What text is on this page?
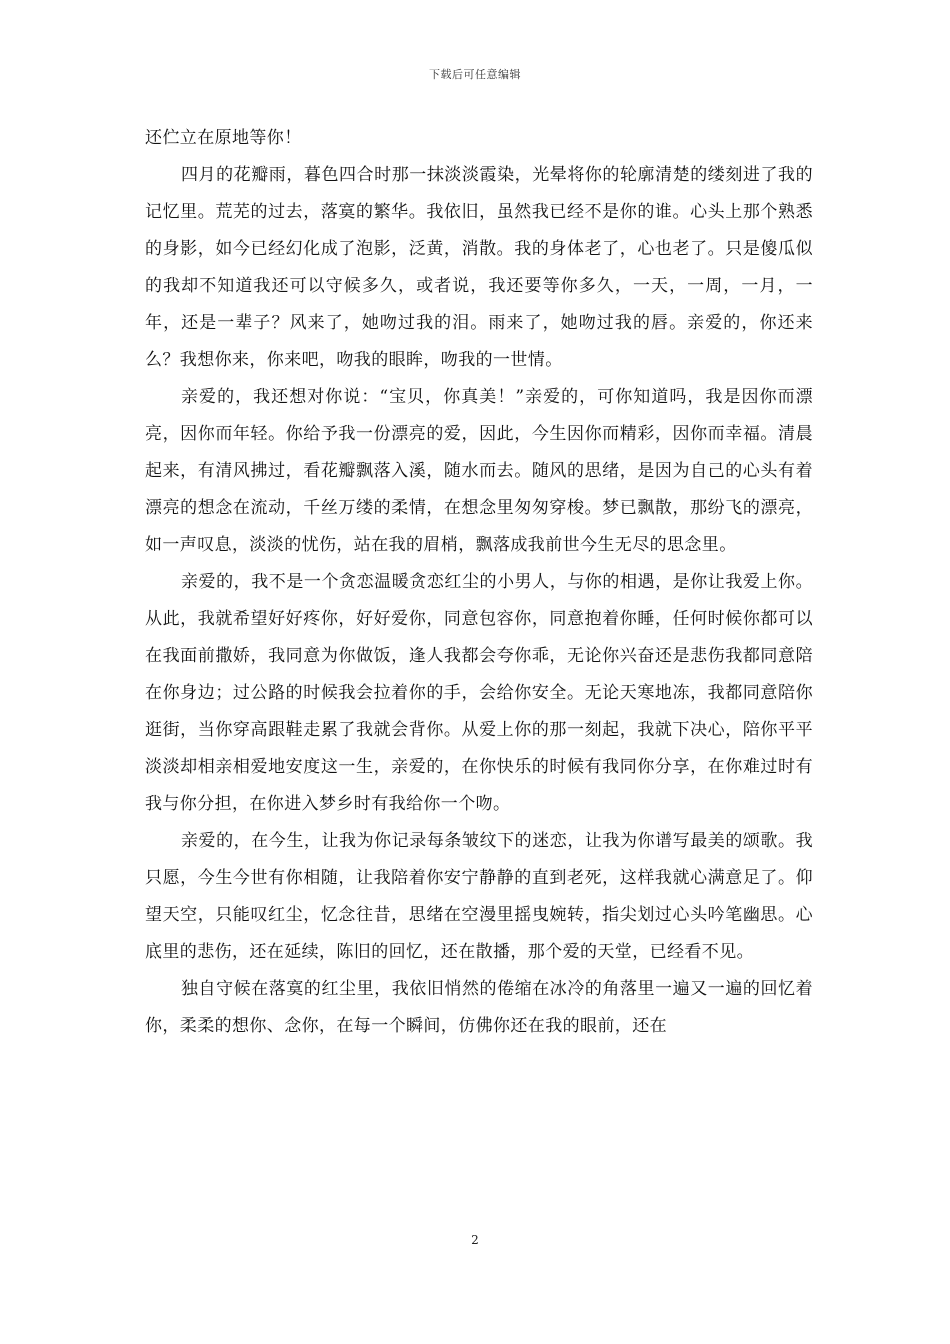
下载后可任意编辑

还伫立在原地等你！

四月的花瓣雨，暮色四合时那一抹淡淡霞染，光晕将你的轮廓清楚的缕刻进了我的记忆里。荒芜的过去，落寞的繁华。我依旧，虽然我已经不是你的谁。心头上那个熟悉的身影，如今已经幻化成了泡影，泛黄，消散。我的身体老了，心也老了。只是傻瓜似的我却不知道我还可以守候多久，或者说，我还要等你多久，一天，一周，一月，一年，还是一辈子？风来了，她吻过我的泪。雨来了，她吻过我的唇。亲爱的，你还来么？我想你来，你来吧，吻我的眼眸，吻我的一世情。

亲爱的，我还想对你说：“宝贝，你真美！”亲爱的，可你知道吗，我是因你而漂亮，因你而年轻。你给予我一份漂亮的爱，因此，今生因你而精彩，因你而幸福。清晨起来，有清风拂过，看花瓣飘落入溪，随水而去。随风的思绪，是因为自己的心头有着漂亮的想念在流动，千丝万缕的柔情，在想念里匆匆穿梭。梦已飘散，那纷飞的漂亮，如一声叹息，淡淡的忧伤，站在我的眉梢，飘落成我前世今生无尽的思念里。

亲爱的，我不是一个贪恋温暖贪恋红尘的小男人，与你的相遇，是你让我爱上你。从此，我就希望好好疼你，好好爱你，同意包容你，同意抱着你睡，任何时候你都可以在我面前撒娇，我同意为你做饭，逢人我都会夸你乖，无论你兴奋还是悲伤我都同意陪在你身边；过公路的时候我会拉着你的手，会给你安全。无论天寒地冻，我都同意陪你逛街，当你穿高跟鞋走累了我就会背你。从爱上你的那一刻起，我就下决心，陪你平平淡淡却相亲相爱地安度这一生，亲爱的，在你快乐的时候有我同你分享，在你难过时有我与你分担，在你进入梦乡时有我给你一个吻。

亲爱的，在今生，让我为你记录每条皱纹下的迷恋，让我为你谱写最美的颂歌。我只愿，今生今世有你相随，让我陪着你安宁静静的直到老死，这样我就心满意足了。仰望天空，只能叹红尘，忆念往昔，思绪在空漫里摇曳婉转，指尖划过心头吟笔幽思。心底里的悲伤，还在延续，陈旧的回忆，还在散播，那个爱的天堂，已经看不见。

独自守候在落寞的红尘里，我依旧悄然的倦缩在冰冷的角落里一遍又一遍的回忆着你，柔柔的想你、念你，在每一个瞬间，仿佛你还在我的眼前，还在

2
